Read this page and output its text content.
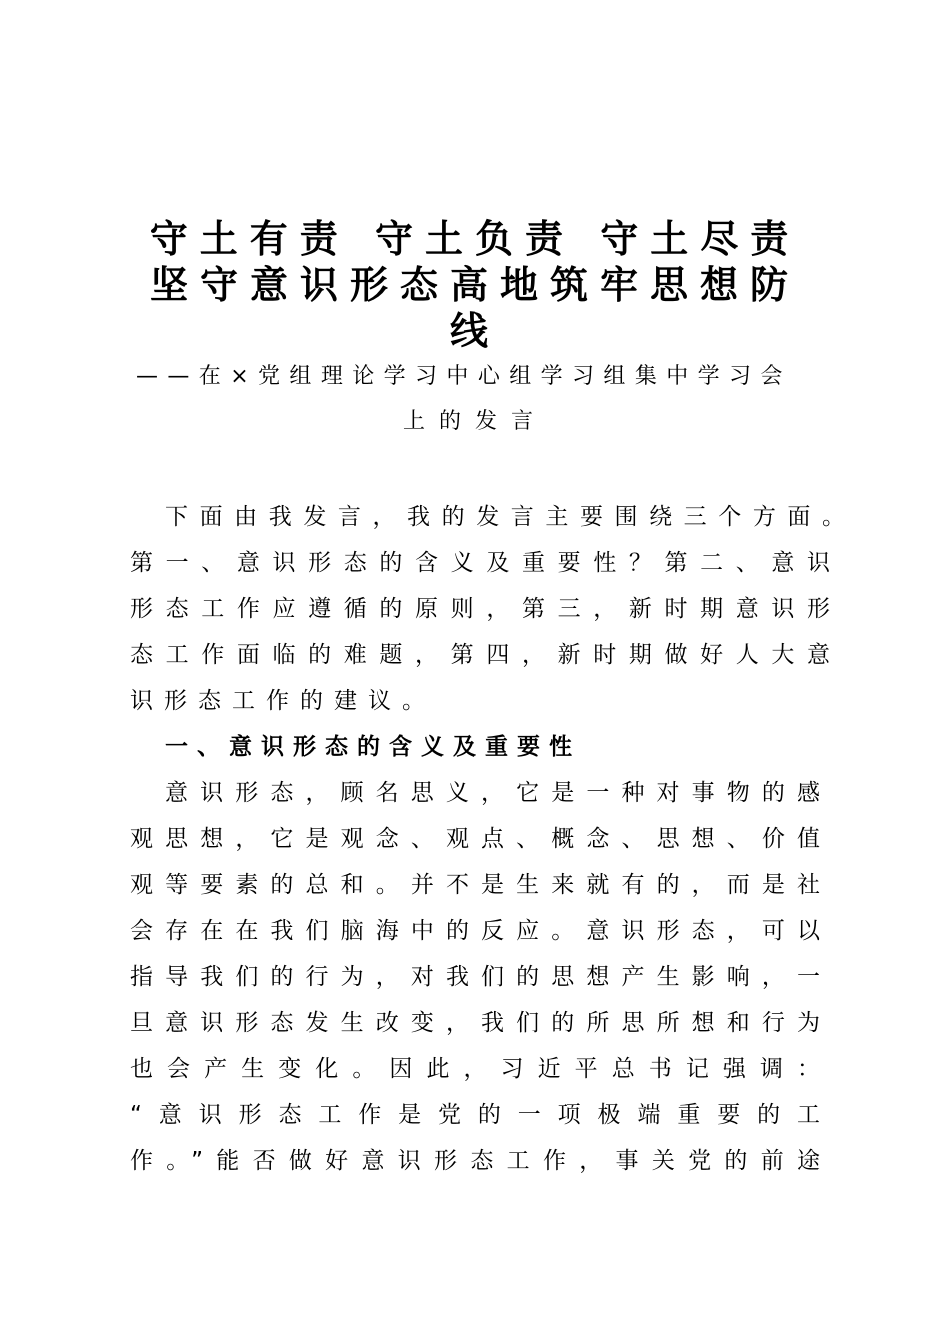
守土有责 守土负责 守土尽责
坚守意识形态高地筑牢思想防
线
——在×党组理论学习中心组学习组集中学习会
上的发言
下面由我发言，我的发言主要围绕三个方面。
第一、意识形态的含义及重要性？第二、意识
形态工作应遵循的原则，第三，新时期意识形
态工作面临的难题，第四，新时期做好人大意
识形态工作的建议。
一、意识形态的含义及重要性
意识形态，顾名思义，它是一种对事物的感
观思想，它是观念、观点、概念、思想、价值
观等要素的总和。并不是生来就有的，而是社
会存在在我们脑海中的反应。意识形态，可以
指导我们的行为，对我们的思想产生影响，一
旦意识形态发生改变，我们的所思所想和行为
也会产生变化。因此，习近平总书记强调：
“意识形态工作是党的一项极端重要的工
作。”能否做好意识形态工作，事关党的前途
